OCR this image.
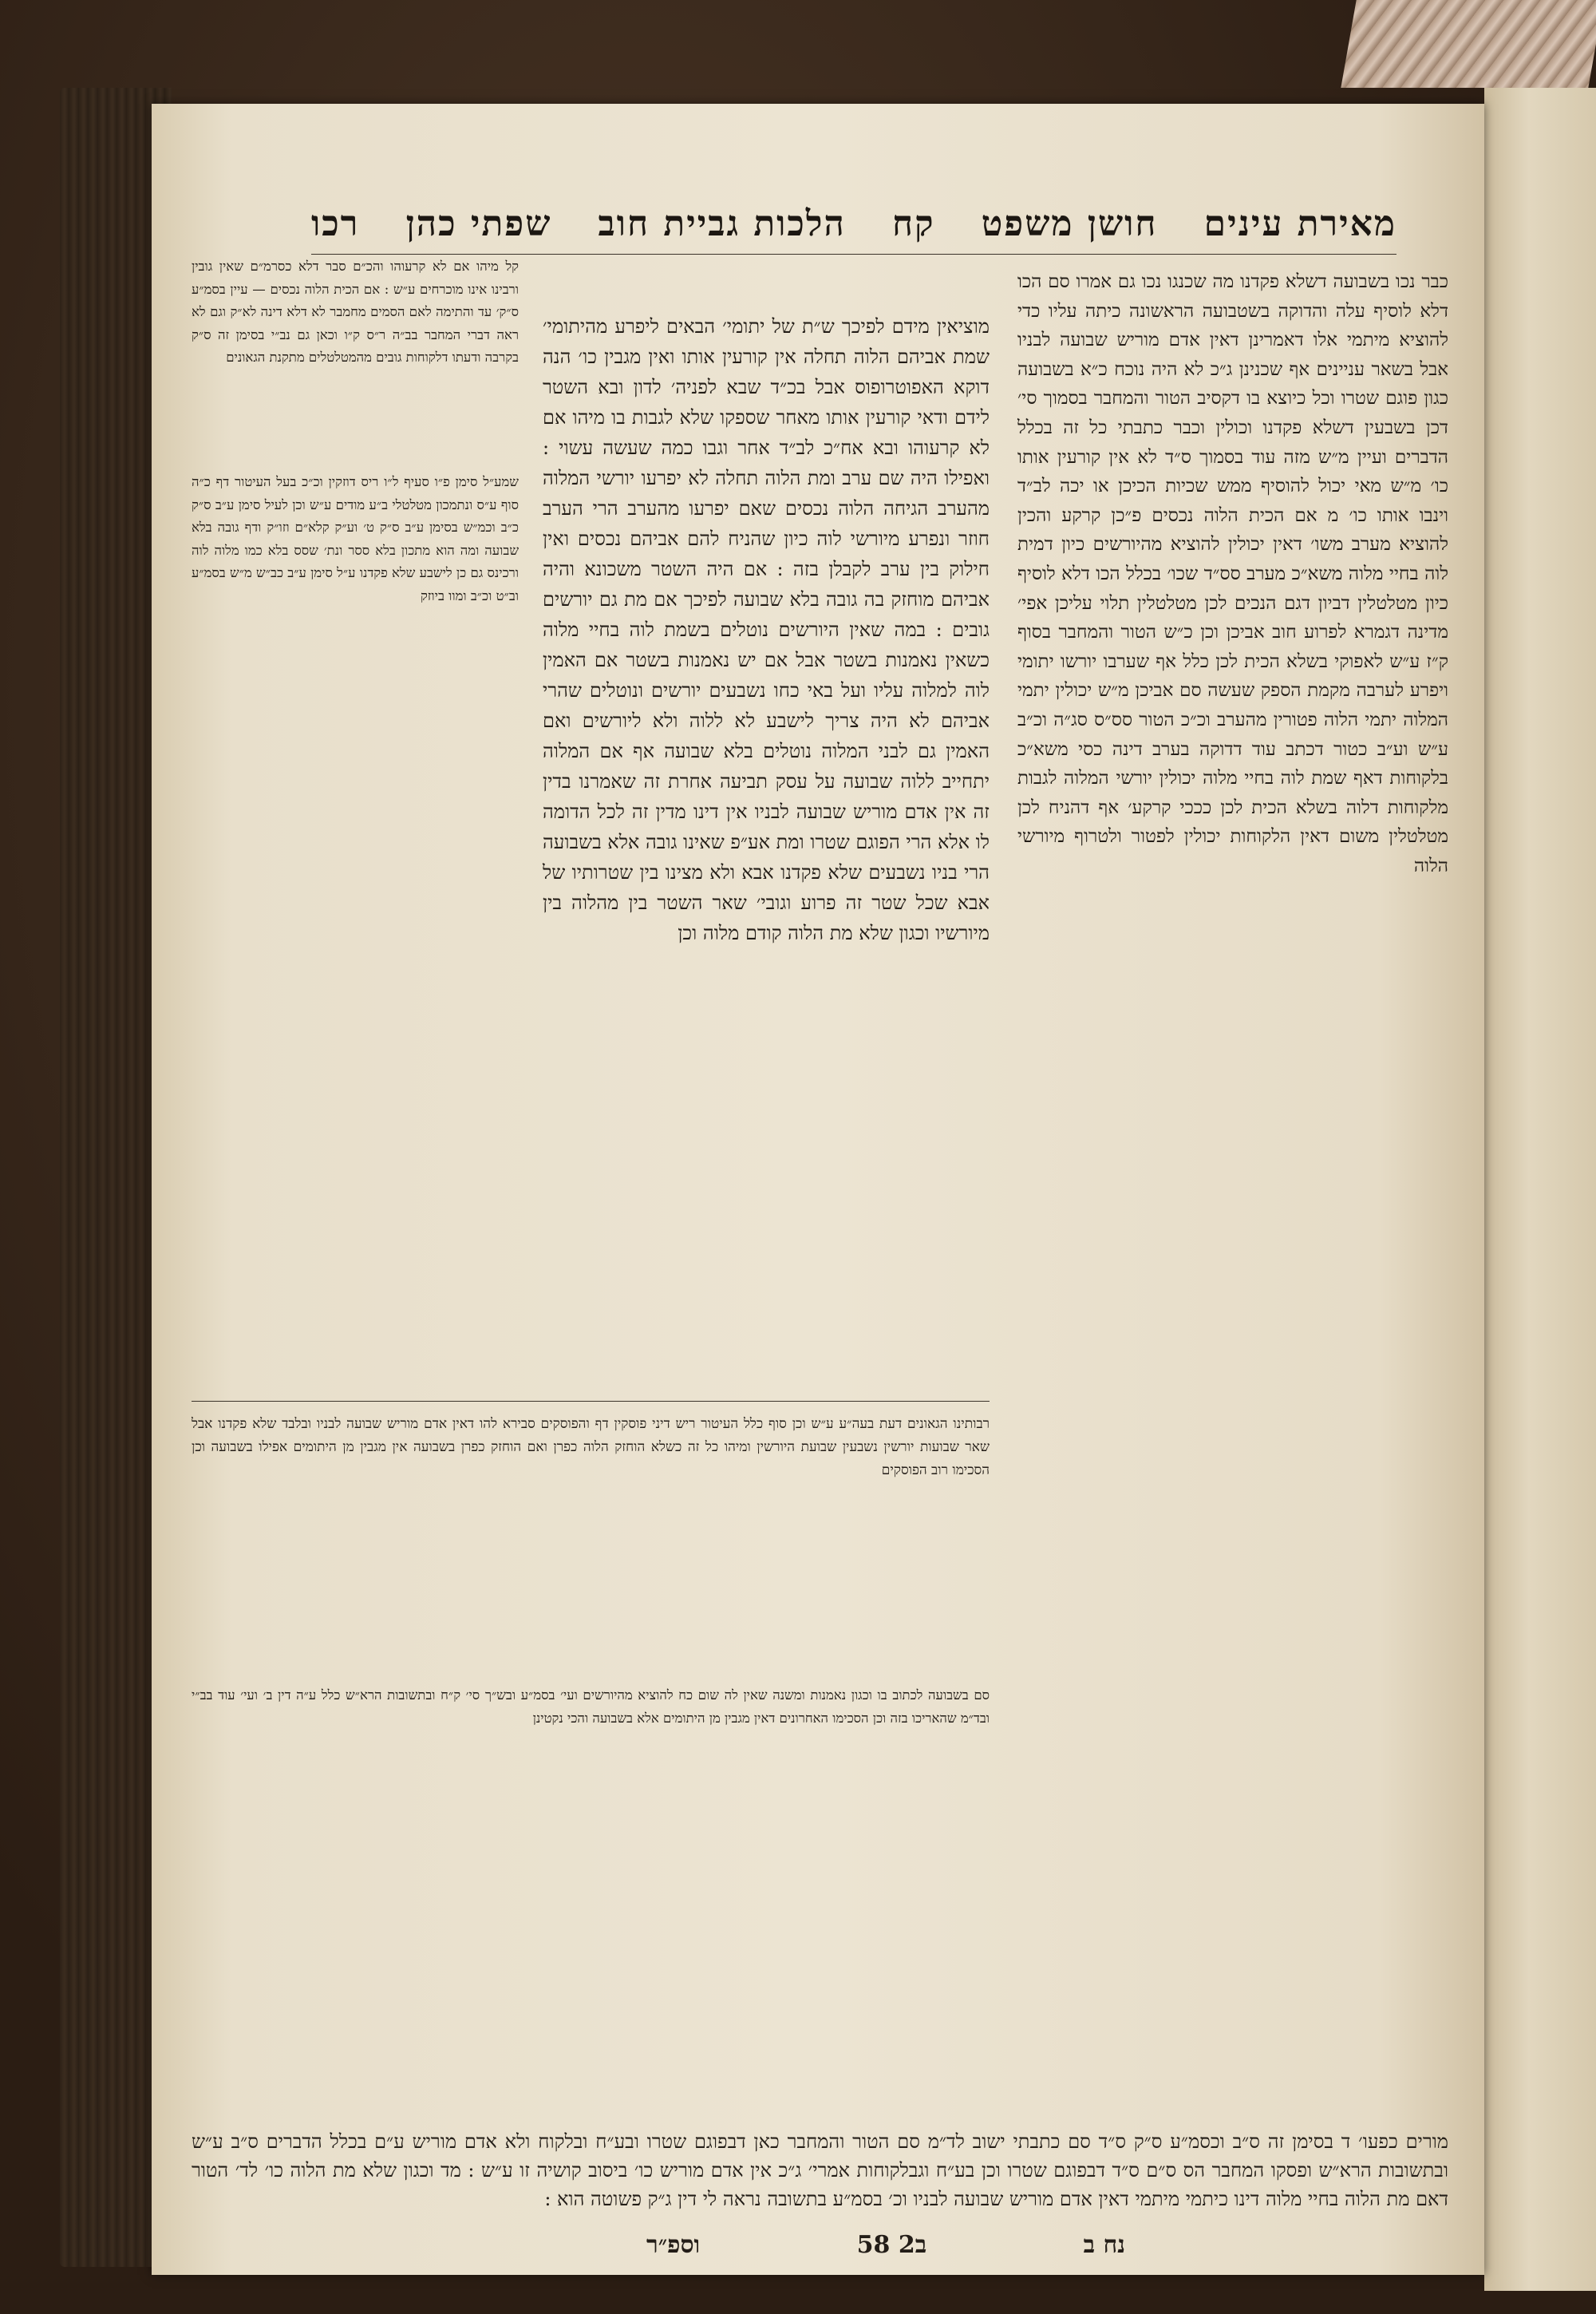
מאירת עינים
חושן משפט
קח
הלכות גביית חוב
שפתי כהן
רכו
כבר נכו בשבועה דשלא פקדנו מה שכנגו נכו גם אמרו סם הכו דלא לוסיף עלה והדוקה בשטבועה הראשונה כיתה עליו כדי להוציא מיתמי אלו דאמרינן דאין אדם מוריש שבועה לבניו אבל בשאר עניינים אף שכנינן ג״כ לא היה נוכח כ״א בשבועה כגון פוגם שטרו וכל כיוצא בו דקסיב הטור והמחבר בסמוך סי׳ דכן בשבעין דשלא פקדנו וכולין וכבר כתבתי כל זה בכלל הדברים ועיין מ״ש מזה עוד בסמוך ס״ד לא אין קורעין אותו כו׳ מ״ש מאי יכול להוסיף ממש שכיות הכיכן או יכה לב״ד וינבו אותו כו׳ מ אם הכית הלוה נכסים פ״כן קרקע והכין להוציא מערב משו׳ דאין יכולין להוציא מהיורשים כיון דמית לוה בחיי מלוה משא״כ מערב סס״ד שכו׳ בכלל הכו דלא לוסיף כיון מטלטלין דביון דגם הנכים לכן מטלטלין תלוי עליכן אפי׳ מדינה דגמרא לפרוע חוב אביכן וכן כ״ש הטור והמחבר בסוף ק״ז ע״ש לאפוקי בשלא הכית לכן כלל אף שערבו יורשו יתומי ויפרע לערבה מקמת הספק שעשה סם אביכן מ״ש יכולין יתמי המלוה יתמי הלוה פטורין מהערב וכ״כ הטור סס״ס סג״ה וכ״ב ע״ש וע״ב כטור דכתב עוד דדוקה בערב דינה כסי משא״כ בלקוחות דאף שמת לוה בחיי מלוה יכולין יורשי המלוה לגבות מלקוחות דלוה בשלא הכית לכן כככי קרקע׳ אף דהניח לכן מטלטלין משום דאין הלקוחות יכולין לפטור ולטרוף מיורשי הלוה
קל מיהו אם לא קרעוהו והכ״ם סבר דלא כסרמ״ם שאין גובין ורבינו אינו מוכרחים ע״ש : אם הכית הלוה נכסים — עיין בסמ״ע ס״ק׳ עד והתימה לאם הסמים מחמבר לא דלא דינה לא״ק וגם לא ראה דברי המחבר בב״ה ר״ס ק״ו וכאן גם נב״י בסימן זה ס״ק בקרבה ודעתו דלקוחות גובים מהמטלטלים מתקנת הגאונים
שמע״ל סימן פ״ו סעיף ל״ו ריס דוזקין וכ״כ בעל העיטור דף כ״ה סוף ע״ס ונתמכון מטלטלי ב״ע מודים ע״ש וכן לעיל סימן ע״ב ס״ק כ״ב וכמ״ש בסימן ע״ב ס״ק ט׳ וע״ק קלא״ם וזו״ק ודף גובה בלא שבועה ומה הוא מתכון בלא ססר ונת׳ שסס בלא כמו מלוה לוה ורכינס גם כן לישבע שלא פקדנו ע״ל סימן ע״ב כב״ש מ״ש בסמ״ע וב״ט וכ״ב ומוו ביוזק
מוציאין מידם לפיכך ש״ת של יתומי׳ הבאים ליפרע מהיתומי׳ שמת אביהם הלוה תחלה אין קורעין אותו ואין מגבין כו׳ הנה דוקא האפוטרופוס אבל בכ״ד שבא לפניה׳ לדון ובא השטר לידם ודאי קורעין אותו מאחר שספקו שלא לגבות בו מיהו אם לא קרעוהו ובא אח״כ לב״ד אחר וגבו כמה שעשה עשוי : ואפילו היה שם ערב ומת הלוה תחלה לא יפרעו יורשי המלוה מהערב הגיחה הלוה נכסים שאם יפרעו מהערב הרי הערב חוזר ונפרע מיורשי לוה כיון שהניח להם אביהם נכסים ואין חילוק בין ערב לקבלן בזה : אם היה השטר משכונא והיה אביהם מוחזק בה גובה בלא שבועה לפיכך אם מת גם יורשים גובים : במה שאין היורשים נוטלים בשמת לוה בחיי מלוה כשאין נאמנות בשטר אבל אם יש נאמנות בשטר אם האמין לוה למלוה עליו ועל באי כחו נשבעים יורשים ונוטלים שהרי אביהם לא היה צריך לישבע לא ללוה ולא ליורשים ואם האמין גם לבני המלוה נוטלים בלא שבועה אף אם המלוה יתחייב ללוה שבועה על עסק תביעה אחרת זה שאמרנו בדין זה אין אדם מוריש שבועה לבניו אין דינו מדין זה לכל הדומה לו אלא הרי הפוגם שטרו ומת אע״פ שאינו גובה אלא בשבועה הרי בניו נשבעים שלא פקדנו אבא ולא מצינו בין שטרותיו של אבא שכל שטר זה פרוע וגובי׳ שאר השטר בין מהלוה בין מיורשיו וכגון שלא מת הלוה קודם מלוה וכן
רבותינו הגאונים דעת בעה״ע ע״ש וכן סוף כלל העיטור ריש דיני פוסקין דף והפוסקים סבירא להו דאין אדם מוריש שבועה לבניו ובלבד שלא פקדנו אבל שאר שבועות יורשין נשבעין שבועת היורשין ומיהו כל זה כשלא הוחזק הלוה כפרן ואם הוחזק כפרן בשבועה אין מגבין מן היתומים אפילו בשבועה וכן הסכימו רוב הפוסקים
סם בשבועה לכתוב בו וכגון נאמנות ומשנה שאין לה שום כח להוציא מהיורשים ועי׳ בסמ״ע ובש״ך סי׳ ק״ח ובתשובות הרא״ש כלל ע״ה דין ב׳ ועי׳ עוד בב״י ובד״מ שהאריכו בזה וכן הסכימו האחרונים דאין מגבין מן היתומים אלא בשבועה והכי נקטינן
מורים כפעו׳ ד בסימן זה ס״ב וכסמ״ע ס״ק ס״ד סם כתבתי ישוב לד״מ סם הטור והמחבר כאן דבפוגם שטרו ובע״ח ובלקוח ולא אדם מוריש ע״ם בכלל הדברים ס״ב ע״ש ובתשובות הרא״ש ופסקו המחבר הס ס״ם ס״ד דבפוגם שטרו וכן בע״ח וגבלקוחות אמרי׳ ג״כ אין אדם מוריש כו׳ ביסוב קושיה זו ע״ש : מד וכגון שלא מת הלוה כו׳ לד׳ הטור דאם מת הלוה בחיי מלוה דינו כיתמי מיתמי דאין אדם מוריש שבועה לבניו וכ׳ בסמ״ע בתשובה נראה לי דין ג״ק פשוטה הוא :
נח ב
ב2 58
וספ״ר
